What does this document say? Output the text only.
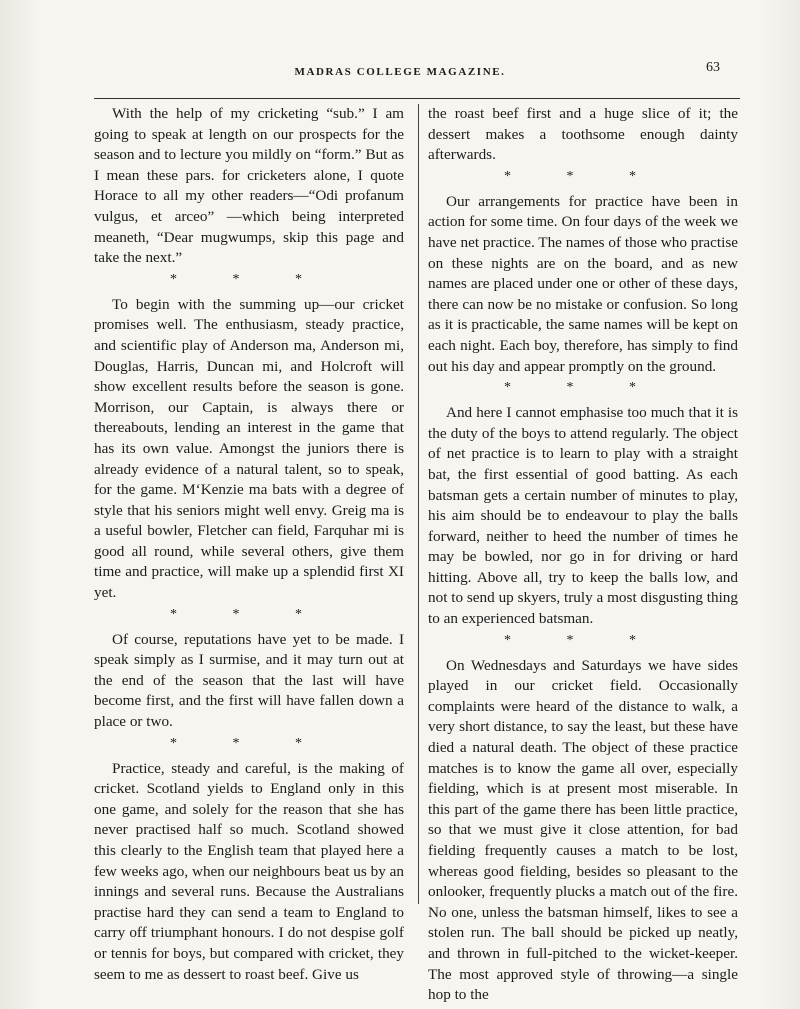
MADRAS COLLEGE MAGAZINE.	63

With the help of my cricketing “sub.” I am going to speak at length on our prospects for the season and to lecture you mildly on “form.” But as I mean these pars. for cricketers alone, I quote Horace to all my other readers—“Odi profanum vulgus, et arceo” —which being interpreted meaneth, “Dear mugwumps, skip this page and take the next.”

* * *

To begin with the summing up—our cricket promises well. The enthusiasm, steady practice, and scientific play of Anderson ma, Anderson mi, Douglas, Harris, Duncan mi, and Holcroft will show excellent results before the season is gone. Morrison, our Captain, is always there or thereabouts, lending an interest in the game that has its own value. Amongst the juniors there is already evidence of a natural talent, so to speak, for the game. M‘Kenzie ma bats with a degree of style that his seniors might well envy. Greig ma is a useful bowler, Fletcher can field, Farquhar mi is good all round, while several others, give them time and practice, will make up a splendid first XI yet.

* * *

Of course, reputations have yet to be made. I speak simply as I surmise, and it may turn out at the end of the season that the last will have become first, and the first will have fallen down a place or two.

* * *

Practice, steady and careful, is the making of cricket. Scotland yields to England only in this one game, and solely for the reason that she has never practised half so much. Scotland showed this clearly to the English team that played here a few weeks ago, when our neighbours beat us by an innings and several runs. Because the Australians practise hard they can send a team to England to carry off triumphant honours. I do not despise golf or tennis for boys, but compared with cricket, they seem to me as dessert to roast beef. Give us

the roast beef first and a huge slice of it; the dessert makes a toothsome enough dainty afterwards.

* * *

Our arrangements for practice have been in action for some time. On four days of the week we have net practice. The names of those who practise on these nights are on the board, and as new names are placed under one or other of these days, there can now be no mistake or confusion. So long as it is practicable, the same names will be kept on each night. Each boy, therefore, has simply to find out his day and appear promptly on the ground.

* * *

And here I cannot emphasise too much that it is the duty of the boys to attend regularly. The object of net practice is to learn to play with a straight bat, the first essential of good batting. As each batsman gets a certain number of minutes to play, his aim should be to endeavour to play the balls forward, neither to heed the number of times he may be bowled, nor go in for driving or hard hitting. Above all, try to keep the balls low, and not to send up skyers, truly a most disgusting thing to an experienced batsman.

* * *

On Wednesdays and Saturdays we have sides played in our cricket field. Occasionally complaints were heard of the distance to walk, a very short distance, to say the least, but these have died a natural death. The object of these practice matches is to know the game all over, especially fielding, which is at present most miserable. In this part of the game there has been little practice, so that we must give it close attention, for bad fielding frequently causes a match to be lost, whereas good fielding, besides so pleasant to the onlooker, frequently plucks a match out of the fire. No one, unless the batsman himself, likes to see a stolen run. The ball should be picked up neatly, and thrown in full-pitched to the wicket-keeper. The most approved style of throwing—a single hop to the
